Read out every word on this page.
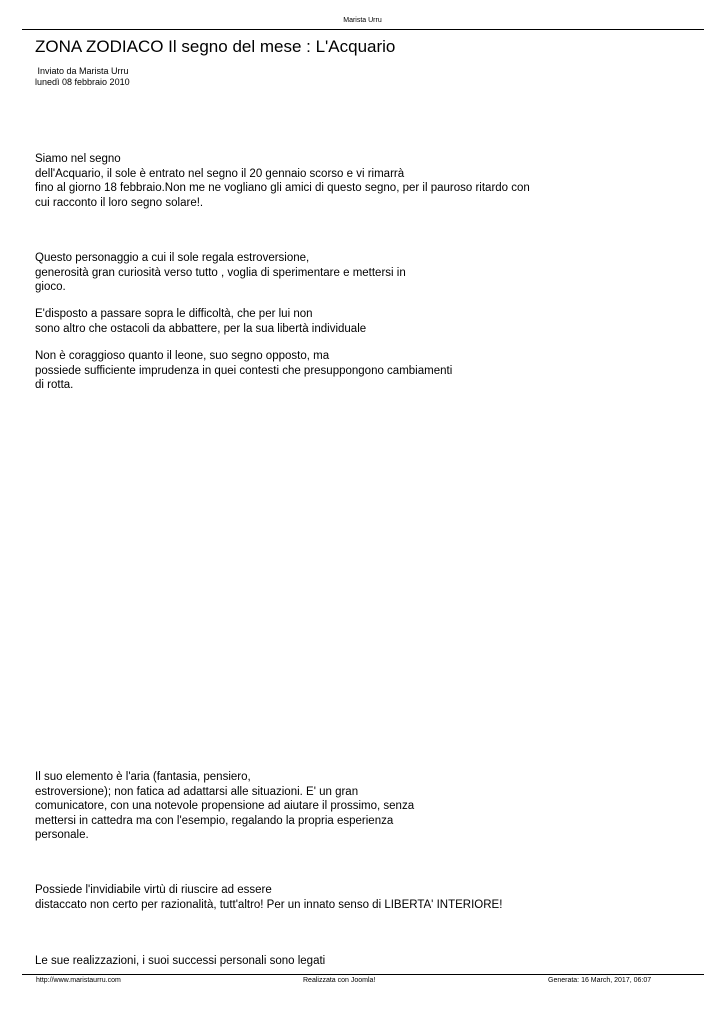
Marista Urru
ZONA ZODIACO Il segno del mese : L'Acquario
Inviato da Marista Urru
lunedì 08 febbraio 2010
Siamo nel segno
dell'Acquario, il sole è entrato nel segno il 20 gennaio scorso e vi rimarrà
fino al giorno 18 febbraio.Non me ne vogliano gli amici di questo segno, per il pauroso ritardo con
cui racconto il loro segno solare!.
Questo personaggio a cui il sole regala estroversione,
generosità gran curiosità verso tutto , voglia di sperimentare e mettersi in
gioco.
E'disposto a passare sopra le difficoltà, che per lui non
sono altro che ostacoli da abbattere, per la sua libertà individuale
Non è coraggioso quanto il leone, suo segno opposto, ma
possiede sufficiente imprudenza in quei contesti che presuppongono cambiamenti
di rotta.
Il suo elemento è l'aria (fantasia, pensiero,
estroversione); non fatica ad adattarsi alle situazioni. E' un gran
comunicatore, con una notevole propensione ad aiutare il prossimo, senza
mettersi in cattedra ma con l'esempio, regalando la propria esperienza
personale.
Possiede l'invidiabile virtù di riuscire ad essere
distaccato non certo per razionalità, tutt'altro! Per un innato senso di LIBERTA' INTERIORE!
Le sue realizzazioni, i suoi successi personali sono legati
http://www.maristaurru.com	Realizzata con Joomla!	Generata: 16 March, 2017, 06:07
